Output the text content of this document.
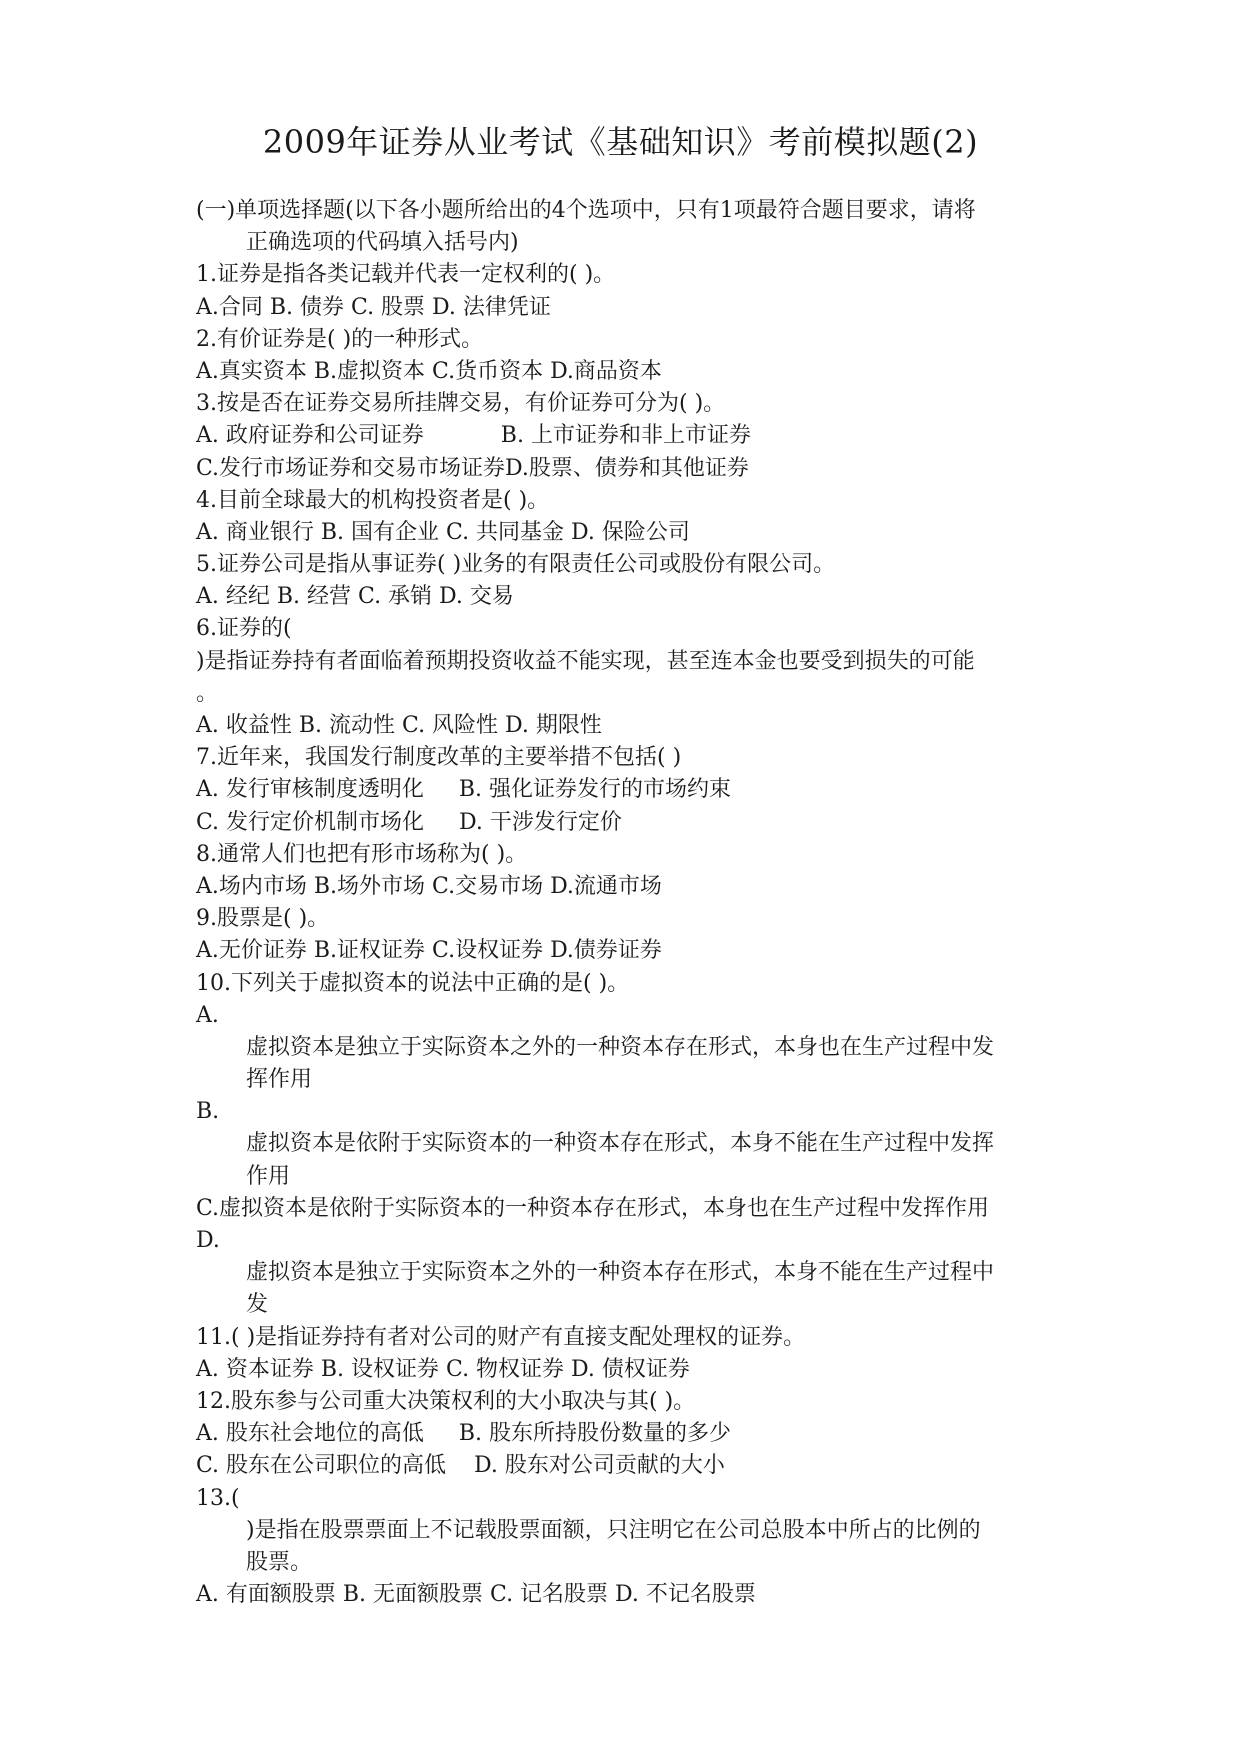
2009年证券从业考试《基础知识》考前模拟题(2)
(一)单项选择题(以下各小题所给出的4个选项中，只有1项最符合题目要求，请将
正确选项的代码填入括号内)
1.证券是指各类记载并代表一定权利的( )。
A.合同 B. 债券 C. 股票 D. 法律凭证
2.有价证券是( )的一种形式。
A.真实资本 B.虚拟资本 C.货币资本 D.商品资本
3.按是否在证券交易所挂牌交易，有价证券可分为( )。
A. 政府证券和公司证券           B. 上市证券和非上市证券
C.发行市场证券和交易市场证券D.股票、债券和其他证券
4.目前全球最大的机构投资者是( )。
A. 商业银行 B. 国有企业 C. 共同基金 D. 保险公司
5.证券公司是指从事证券( )业务的有限责任公司或股份有限公司。
A. 经纪 B. 经营 C. 承销 D. 交易
6.证券的(
)是指证券持有者面临着预期投资收益不能实现，甚至连本金也要受到损失的可能
。
A. 收益性 B. 流动性 C. 风险性 D. 期限性
7.近年来，我国发行制度改革的主要举措不包括( )
A. 发行审核制度透明化     B. 强化证券发行的市场约束
C. 发行定价机制市场化     D. 干涉发行定价
8.通常人们也把有形市场称为( )。
A.场内市场 B.场外市场 C.交易市场 D.流通市场
9.股票是( )。
A.无价证券 B.证权证券 C.设权证券 D.债券证券
10.下列关于虚拟资本的说法中正确的是( )。
A.
虚拟资本是独立于实际资本之外的一种资本存在形式，本身也在生产过程中发
挥作用
B.
虚拟资本是依附于实际资本的一种资本存在形式，本身不能在生产过程中发挥
作用
C.虚拟资本是依附于实际资本的一种资本存在形式，本身也在生产过程中发挥作用
D.
虚拟资本是独立于实际资本之外的一种资本存在形式，本身不能在生产过程中
发
11.( )是指证券持有者对公司的财产有直接支配处理权的证券。
A. 资本证券 B. 设权证券 C. 物权证券 D. 债权证券
12.股东参与公司重大决策权利的大小取决与其( )。
A. 股东社会地位的高低     B. 股东所持股份数量的多少
C. 股东在公司职位的高低    D. 股东对公司贡献的大小
13.(
)是指在股票票面上不记载股票面额，只注明它在公司总股本中所占的比例的
股票。
A. 有面额股票 B. 无面额股票 C. 记名股票 D. 不记名股票
